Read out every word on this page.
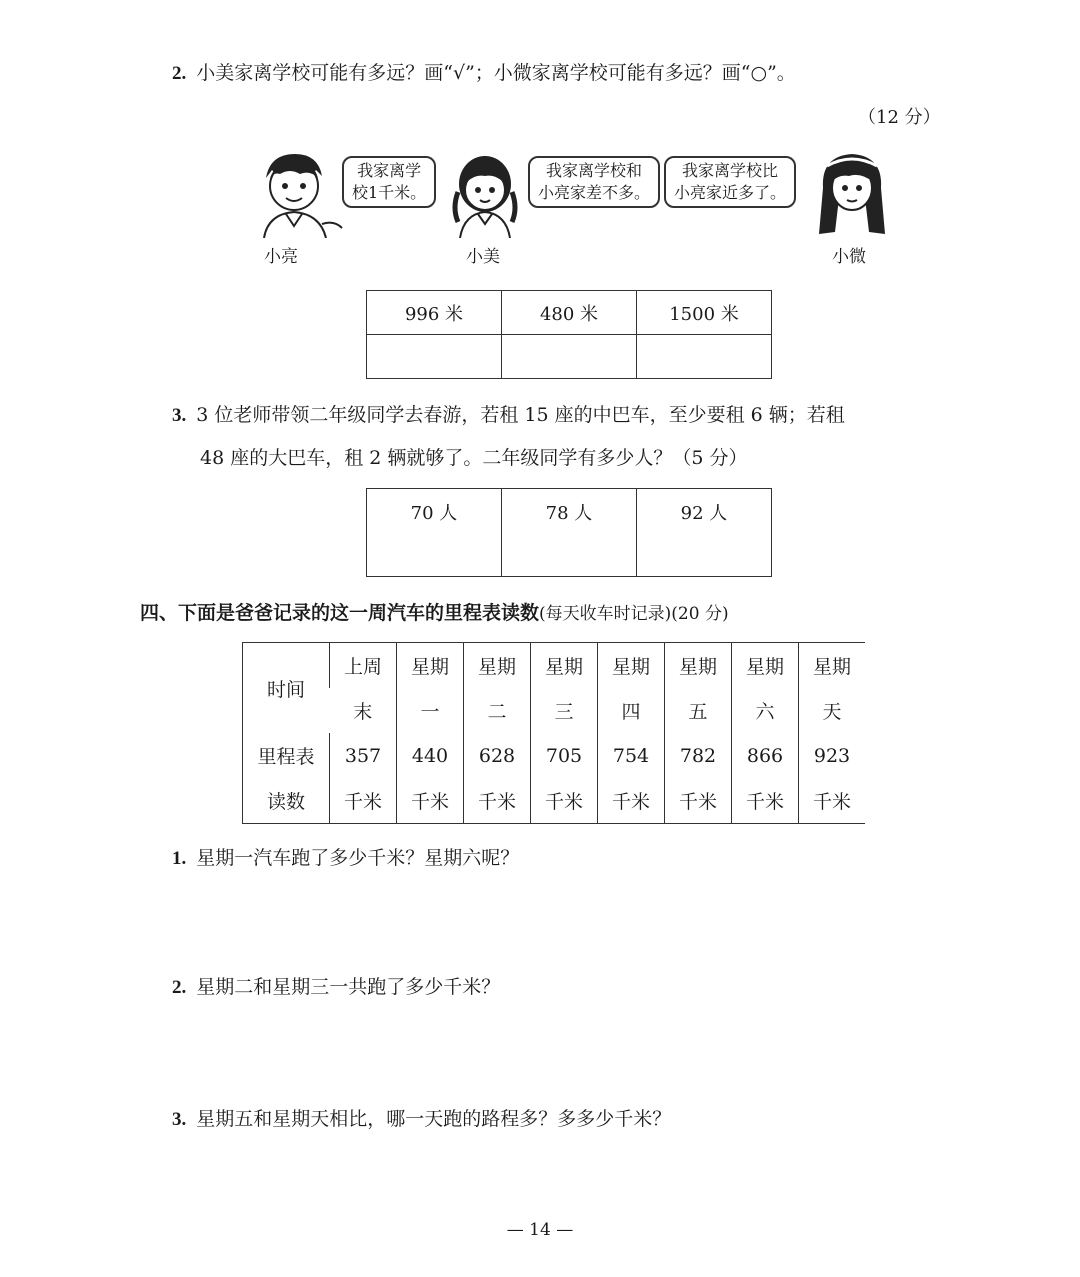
2. 小美家离学校可能有多远？画“√”；小微家离学校可能有多远？画“○”。
（12 分）
我家离学
校1千米。
小亮
我家离学校和
小亮家差不多。
小美
我家离学校比
小亮家近多了。
小微
996 米	480 米	1500 米

3. 3 位老师带领二年级同学去春游，若租 15 座的中巴车，至少要租 6 辆；若租
48 座的大巴车，租 2 辆就够了。二年级同学有多少人？（5 分）
70 人	78 人	92 人
四、下面是爸爸记录的这一周汽车的里程表读数(每天收车时记录)(20 分)
时间	上周	星期	星期	星期	星期	星期	星期	星期
	末	一	二	三	四	五	六	天
里程表	357	440	628	705	754	782	866	923
读数	千米	千米	千米	千米	千米	千米	千米	千米
1. 星期一汽车跑了多少千米？星期六呢？
2. 星期二和星期三一共跑了多少千米？
3. 星期五和星期天相比，哪一天跑的路程多？多多少千米？
— 14 —
